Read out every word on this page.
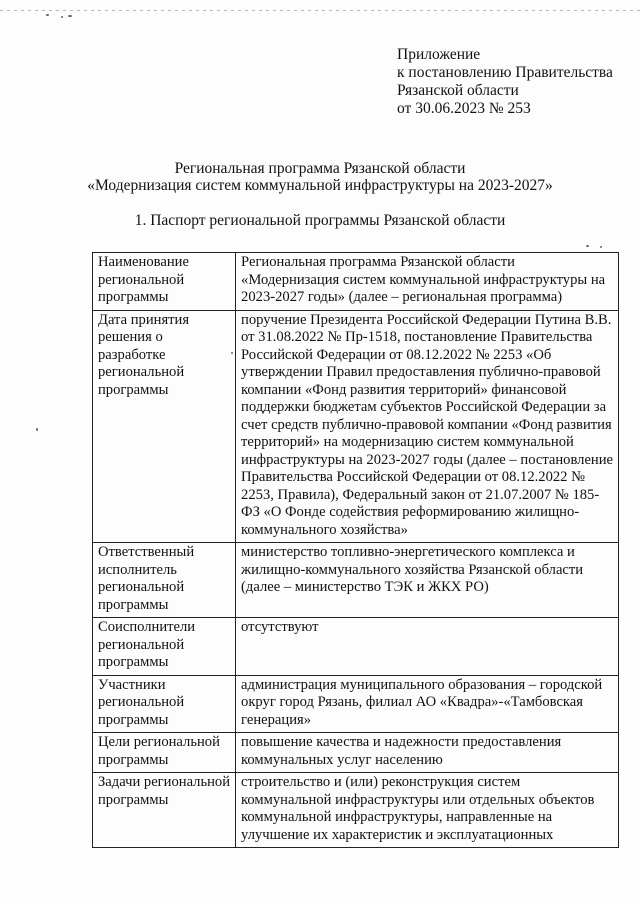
Приложение
к постановлению Правительства
Рязанской области
от 30.06.2023 № 253
Региональная программа Рязанской области
«Модернизация систем коммунальной инфраструктуры на 2023-2027»
1. Паспорт региональной программы Рязанской области
Наименование региональной программы	Региональная программа Рязанской области «Модернизация систем коммунальной инфраструктуры на 2023-2027 годы» (далее – региональная программа)
Дата принятия решения о разработке региональной программы	поручение Президента Российской Федерации Путина В.В. от 31.08.2022 № Пр-1518, постановление Правительства Российской Федерации от 08.12.2022 № 2253 «Об утверждении Правил предоставления публично-правовой компании «Фонд развития территорий» финансовой поддержки бюджетам субъектов Российской Федерации за счет средств публично-правовой компании «Фонд развития территорий» на модернизацию систем коммунальной инфраструктуры на 2023-2027 годы (далее – постановление Правительства Российской Федерации от 08.12.2022 № 2253, Правила), Федеральный закон от 21.07.2007 № 185-ФЗ «О Фонде содействия реформированию жилищно-коммунального хозяйства»
Ответственный исполнитель региональной программы	министерство топливно-энергетического комплекса и жилищно-коммунального хозяйства Рязанской области (далее – министерство ТЭК и ЖКХ РО)
Соисполнители региональной программы	отсутствуют
Участники региональной программы	администрация муниципального образования – городской округ город Рязань, филиал АО «Квадра»-«Тамбовская генерация»
Цели региональной программы	повышение качества и надежности предоставления коммунальных услуг населению
Задачи региональной программы	строительство и (или) реконструкция систем коммунальной инфраструктуры или отдельных объектов коммунальной инфраструктуры, направленные на улучшение их характеристик и эксплуатационных
